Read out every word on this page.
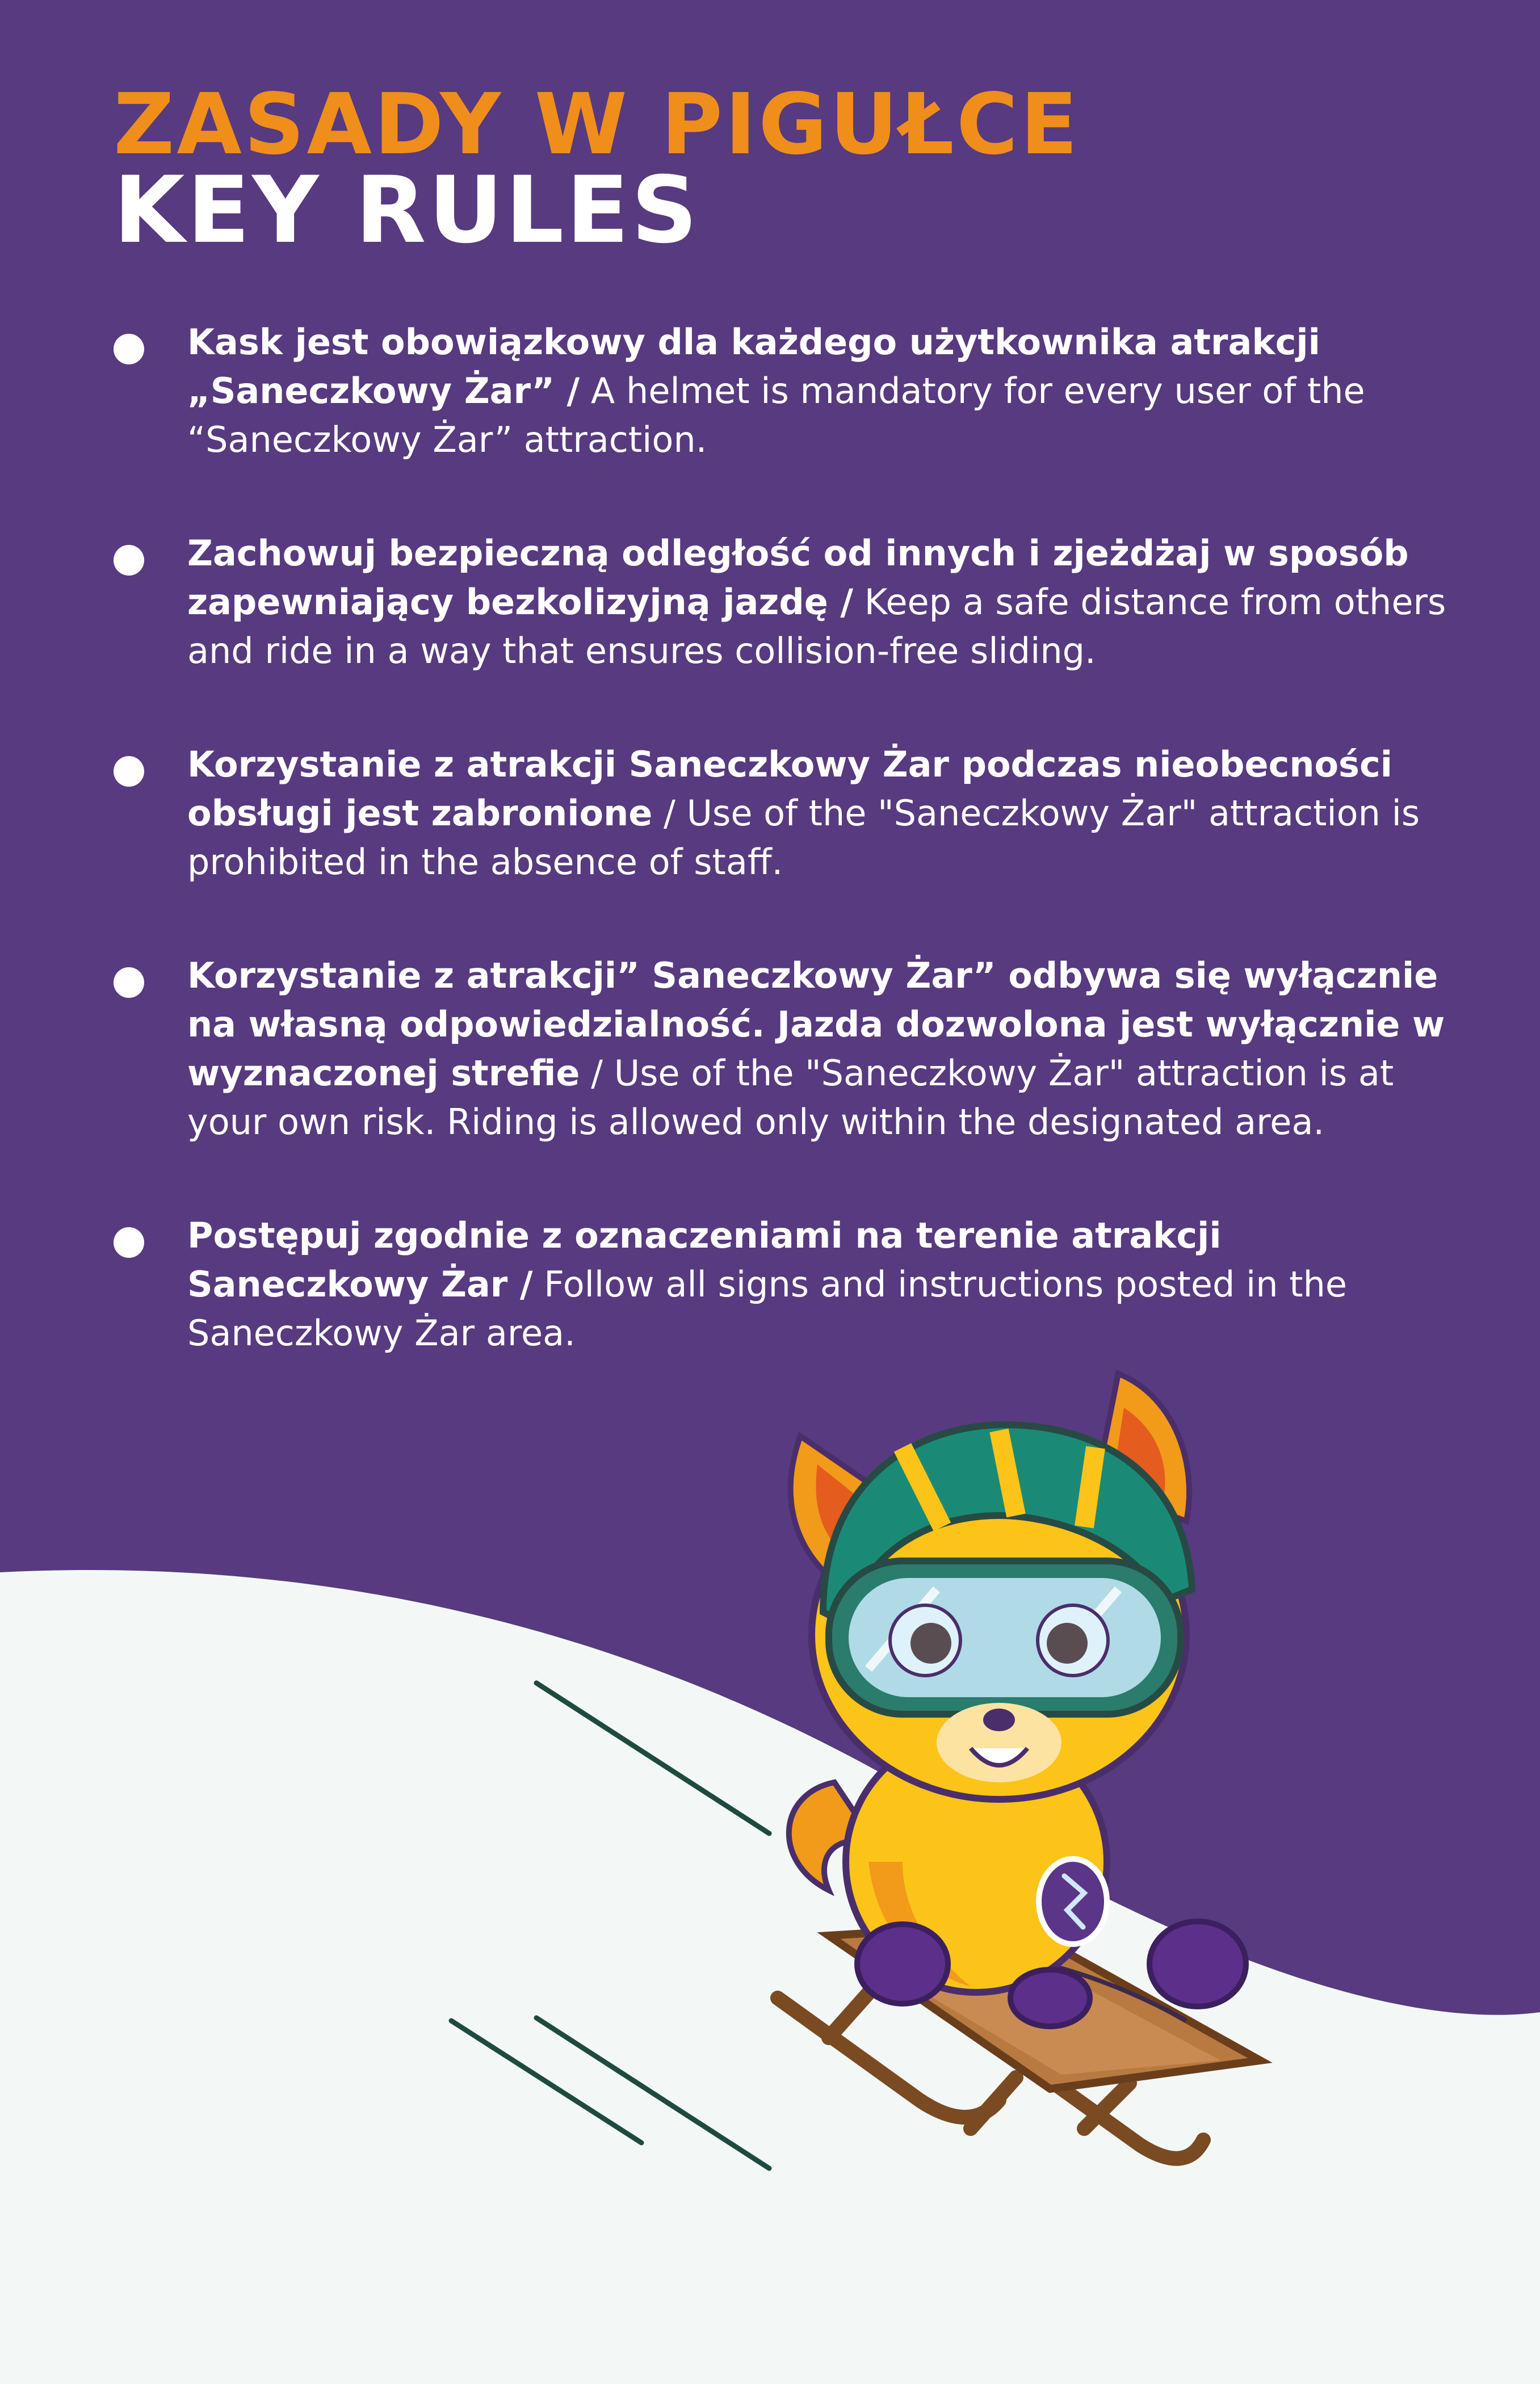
ZASADY W PIGUŁCE
KEY RULES
Kask jest obowiązkowy dla każdego użytkownika atrakcji „Saneczkowy Żar” / A helmet is mandatory for every user of the “Saneczkowy Żar” attraction.
Zachowuj bezpieczną odległość od innych i zjeżdżaj w sposób zapewniający bezkolizyjną jazdę / Keep a safe distance from others and ride in a way that ensures collision-free sliding.
Korzystanie z atrakcji Saneczkowy Żar podczas nieobecności obsługi jest zabronione / Use of the "Saneczkowy Żar" attraction is prohibited in the absence of staff.
Korzystanie z atrakcji” Saneczkowy Żar” odbywa się wyłącznie na własną odpowiedzialność. Jazda dozwolona jest wyłącznie w wyznaczonej strefie / Use of the "Saneczkowy Żar" attraction is at your own risk. Riding is allowed only within the designated area.
Postępuj zgodnie z oznaczeniami na terenie atrakcji Saneczkowy Żar / Follow all signs and instructions posted in the Saneczkowy Żar area.
